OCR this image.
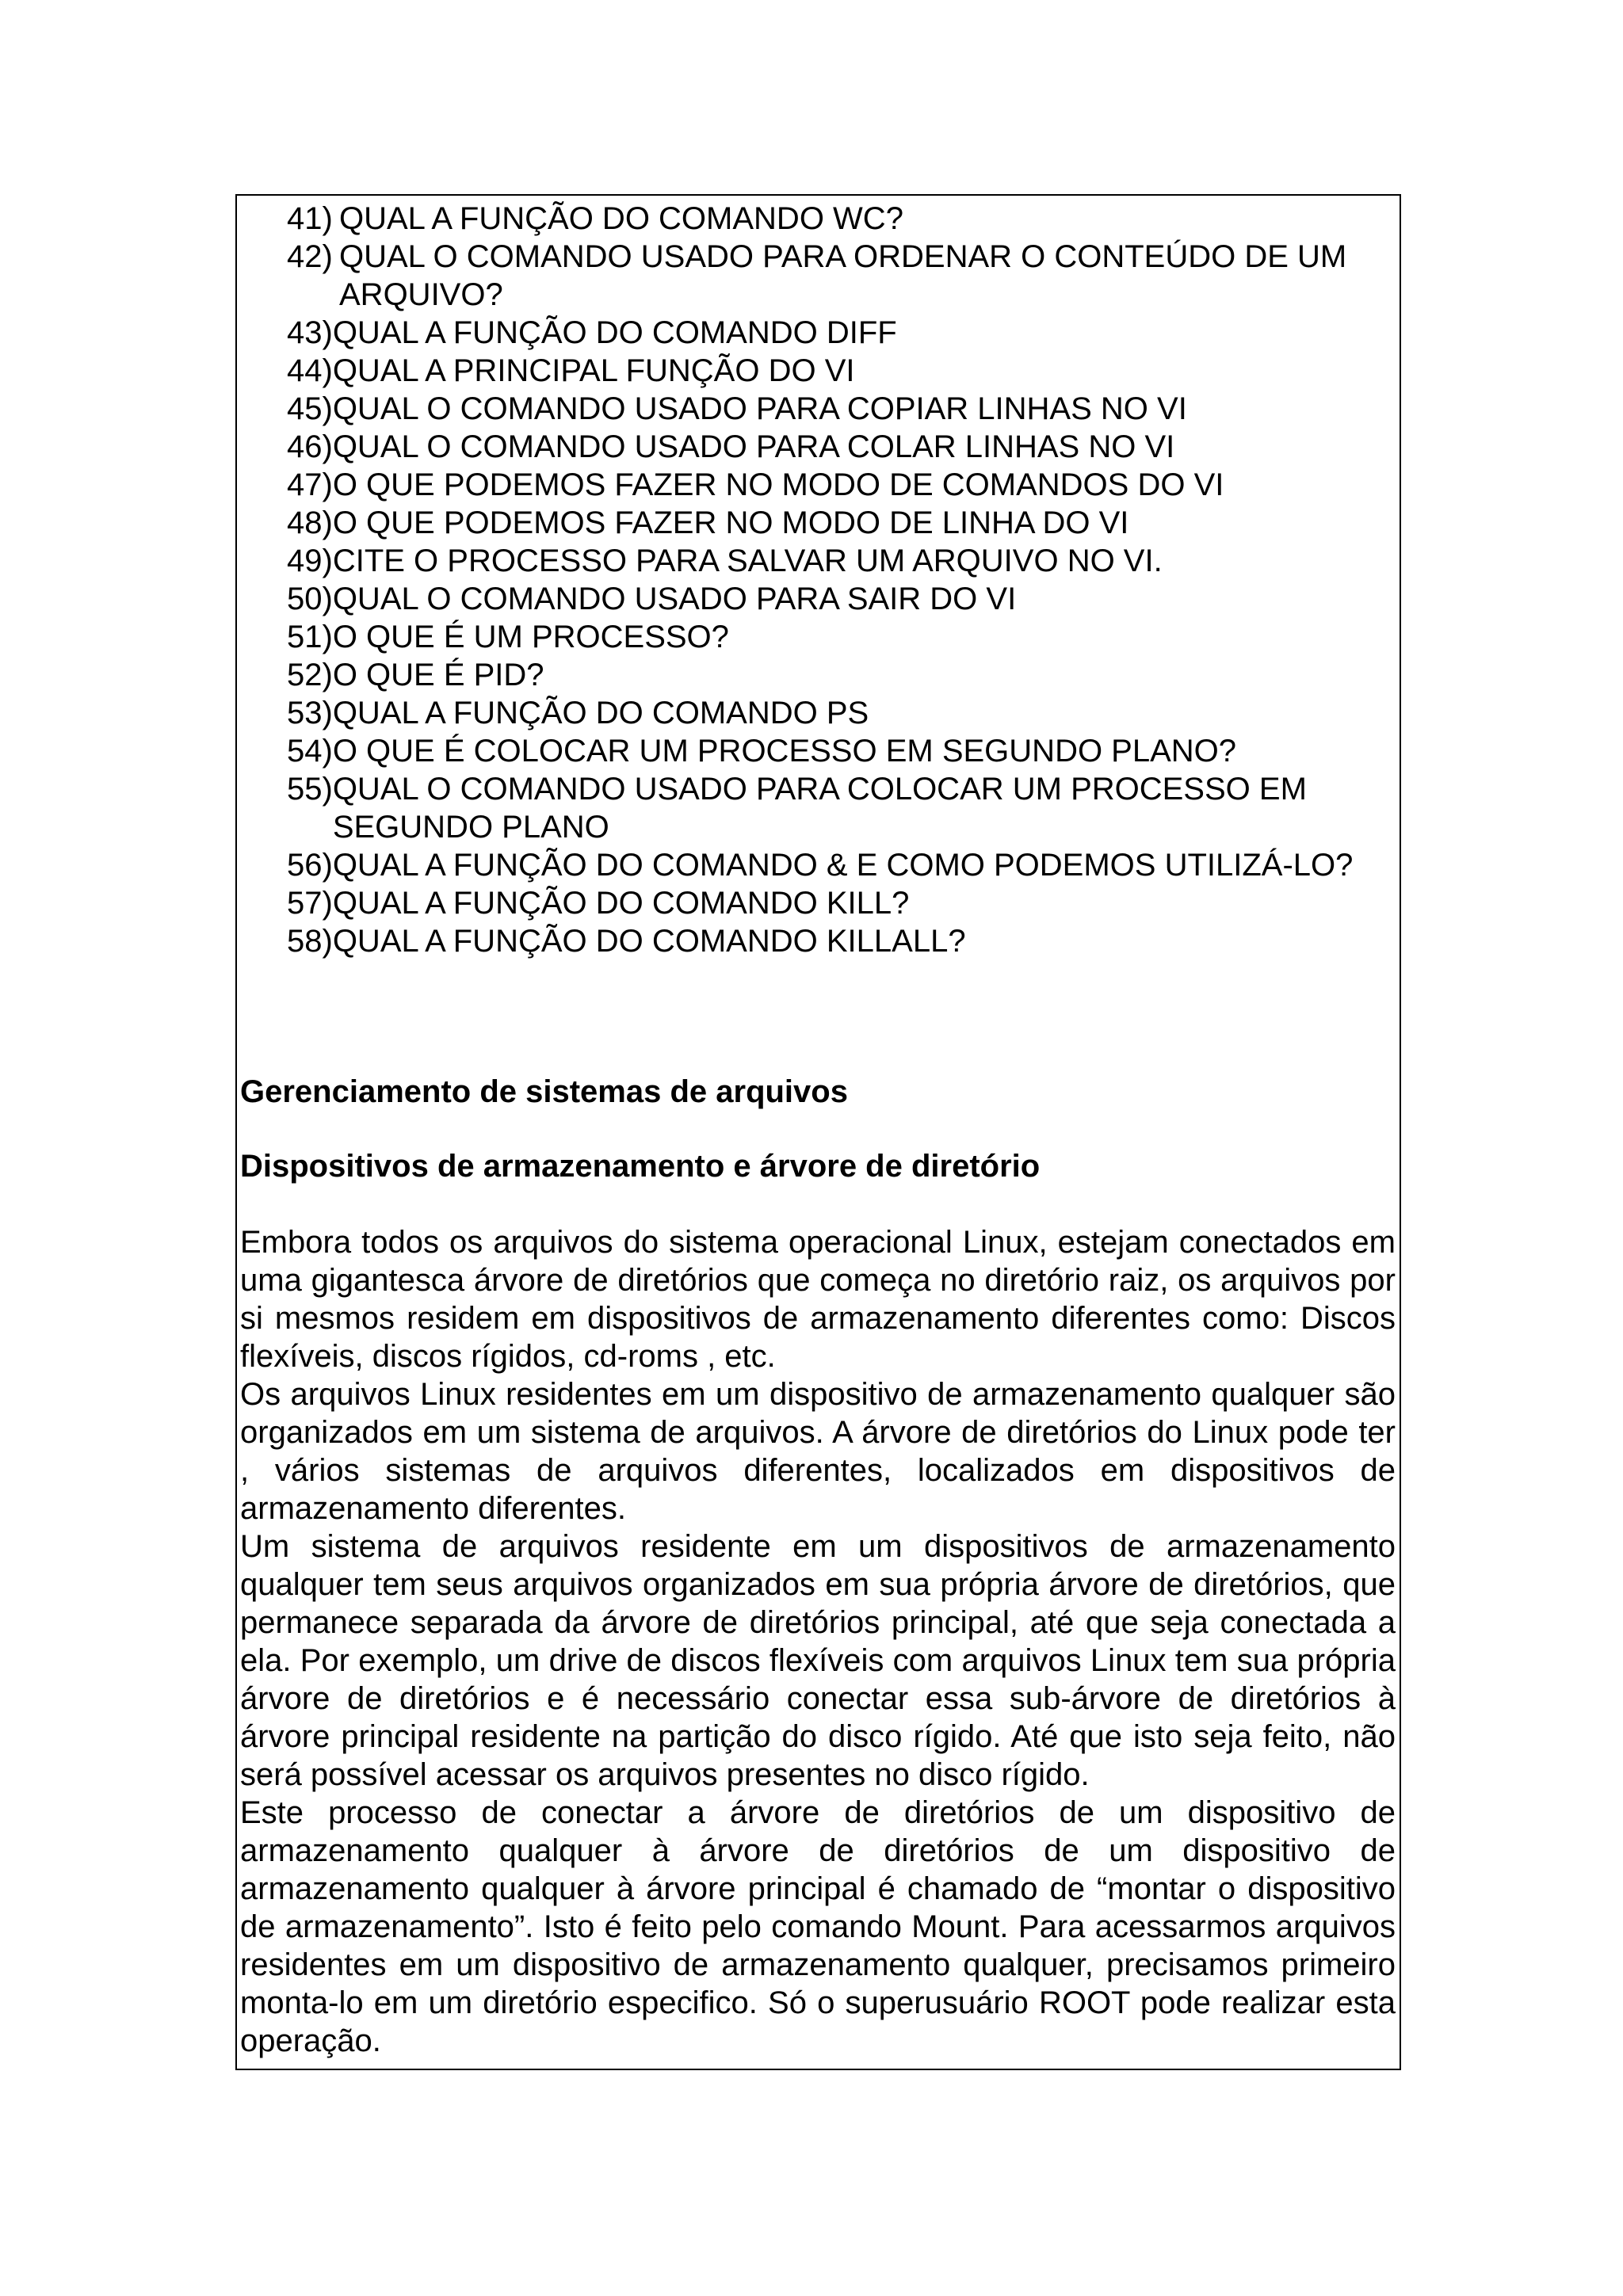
41)
QUAL A FUNÇÃO DO COMANDO WC?
42)
QUAL O COMANDO USADO PARA ORDENAR O CONTEÚDO DE UM ARQUIVO?
43) QUAL A FUNÇÃO DO COMANDO DIFF
44) QUAL A PRINCIPAL FUNÇÃO DO VI
45) QUAL O COMANDO USADO PARA COPIAR LINHAS NO VI
46) QUAL O COMANDO USADO PARA COLAR LINHAS NO VI
47) O QUE PODEMOS FAZER NO MODO DE COMANDOS DO VI
48) O QUE PODEMOS FAZER NO MODO DE LINHA DO VI
49) CITE O PROCESSO PARA SALVAR UM ARQUIVO NO VI.
50) QUAL O COMANDO USADO PARA SAIR DO VI
51) O QUE É UM PROCESSO?
52) O QUE É PID?
53) QUAL A FUNÇÃO DO COMANDO PS
54) O QUE É COLOCAR UM PROCESSO EM SEGUNDO PLANO?
55) QUAL O COMANDO USADO PARA COLOCAR UM PROCESSO EM SEGUNDO PLANO
56) QUAL A FUNÇÃO DO COMANDO & E COMO PODEMOS UTILIZÁ-LO?
57) QUAL A FUNÇÃO DO COMANDO KILL?
58) QUAL A FUNÇÃO DO COMANDO KILLALL?
Gerenciamento de sistemas de arquivos
Dispositivos de armazenamento e árvore de diretório

Embora todos os arquivos do sistema operacional Linux, estejam conectados em uma gigantesca árvore de diretórios que começa no diretório raiz, os arquivos por si mesmos residem em dispositivos de armazenamento diferentes como: Discos flexíveis, discos rígidos, cd-roms , etc.

Os arquivos Linux residentes em um dispositivo de armazenamento qualquer são organizados em um sistema de arquivos. A árvore de diretórios do Linux pode ter , vários sistemas de arquivos diferentes, localizados em dispositivos de armazenamento diferentes.

Um sistema de arquivos residente em um dispositivos de armazenamento qualquer tem seus arquivos organizados em sua própria árvore de diretórios, que permanece separada da árvore de diretórios principal, até que seja conectada a ela. Por exemplo, um drive de discos flexíveis com arquivos Linux tem sua própria árvore de diretórios e é necessário conectar essa sub-árvore de diretórios à árvore principal residente na partição do disco rígido. Até que isto seja feito, não será possível acessar os arquivos presentes no disco rígido.

Este processo de conectar a árvore de diretórios de um dispositivo de armazenamento qualquer à árvore de diretórios de um dispositivo de armazenamento qualquer à árvore principal é chamado de “montar o dispositivo de armazenamento”. Isto é feito pelo comando Mount. Para acessarmos arquivos residentes em um dispositivo de armazenamento qualquer, precisamos primeiro monta-lo em um diretório especifico. Só o superusuário ROOT pode realizar esta operação.
